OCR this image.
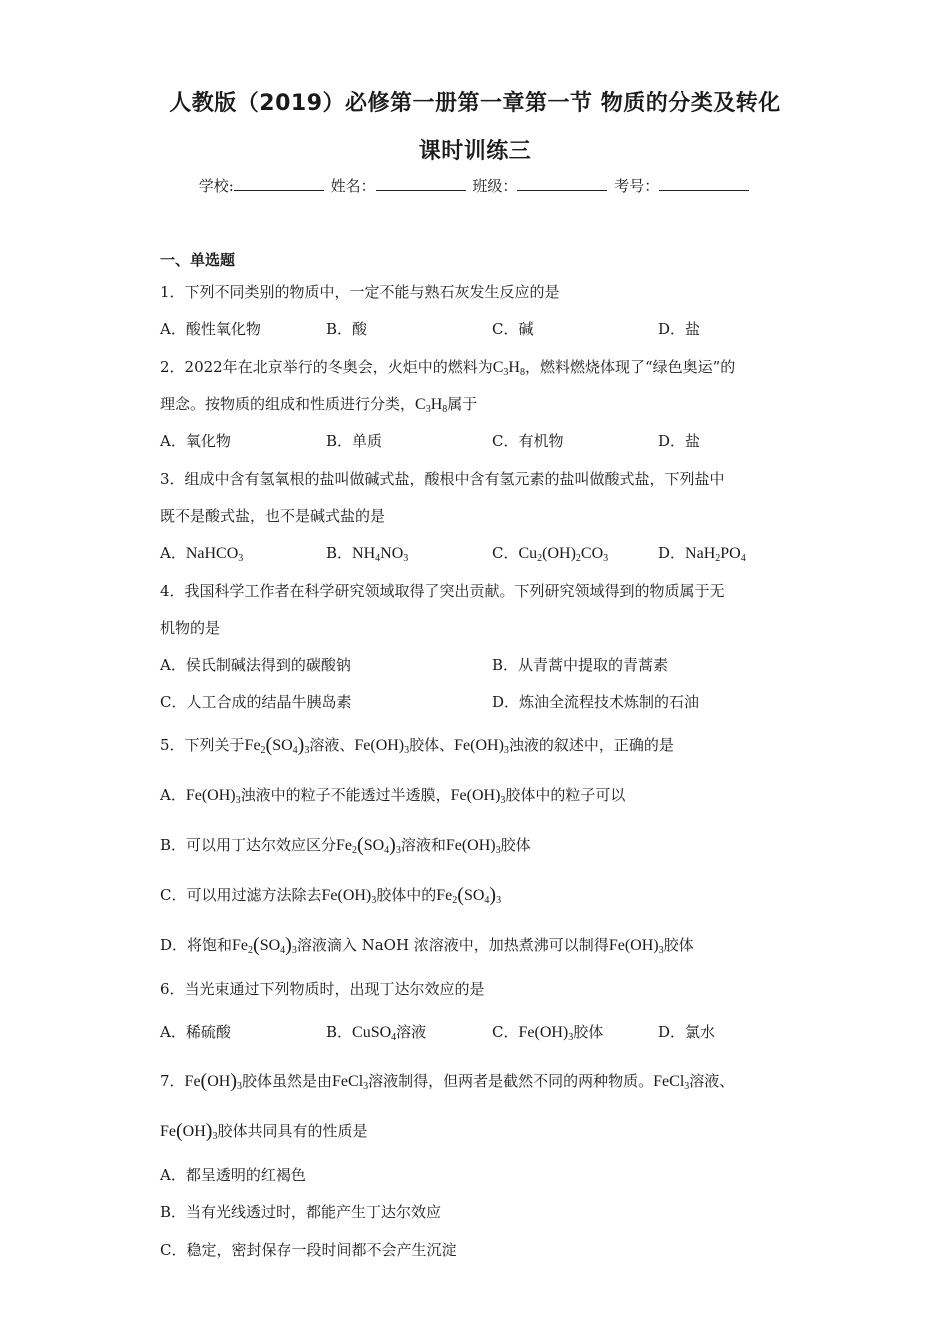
人教版（2019）必修第一册第一章第一节 物质的分类及转化
课时训练三
学校:	姓名：	班级：	考号：
一、单选题
1．下列不同类别的物质中，一定不能与熟石灰发生反应的是
A．酸性氧化物	B．酸	C．碱	D．盐
2．2022年在北京举行的冬奥会，火炬中的燃料为$C_3H_8$，燃料燃烧体现了“绿色奥运”的
理念。按物质的组成和性质进行分类，$C_3H_8$属于
A．氧化物	B．单质	C．有机物	D．盐
3．组成中含有氢氧根的盐叫做碱式盐，酸根中含有氢元素的盐叫做酸式盐，下列盐中
既不是酸式盐，也不是碱式盐的是
A．NaHCO$_3$	B．$NH_4NO_3$	C．$Cu_2(OH)_2CO_3$	D．$NaH_2PO_4$
4．我国科学工作者在科学研究领域取得了突出贡献。下列研究领域得到的物质属于无
机物的是
A．侯氏制碱法得到的碳酸钠	B．从青蒿中提取的青蒿素
C．人工合成的结晶牛胰岛素	D．炼油全流程技术炼制的石油
5．下列关于$Fe_2(SO_4)_3$溶液、$Fe(OH)_3$胶体、$Fe(OH)_3$浊液的叙述中，正确的是
A．$Fe(OH)_3$浊液中的粒子不能透过半透膜，$Fe(OH)_3$胶体中的粒子可以
B．可以用丁达尔效应区分$Fe_2(SO_4)_3$溶液和$Fe(OH)_3$胶体
C．可以用过滤方法除去$Fe(OH)_3$胶体中的$Fe_2(SO_4)_3$
D．将饱和$Fe_2(SO_4)_3$溶液滴入 NaOH 浓溶液中，加热煮沸可以制得$Fe(OH)_3$胶体
6．当光束通过下列物质时，出现丁达尔效应的是
A．稀硫酸	B．CuSO$_4$溶液	C．$Fe(OH)_3$胶体	D．氯水
7．$Fe(OH)_3$胶体虽然是由FeCl$_3$溶液制得，但两者是截然不同的两种物质。FeCl$_3$溶液、
$Fe(OH)_3$胶体共同具有的性质是
A．都呈透明的红褐色
B．当有光线透过时，都能产生丁达尔效应
C．稳定，密封保存一段时间都不会产生沉淀
